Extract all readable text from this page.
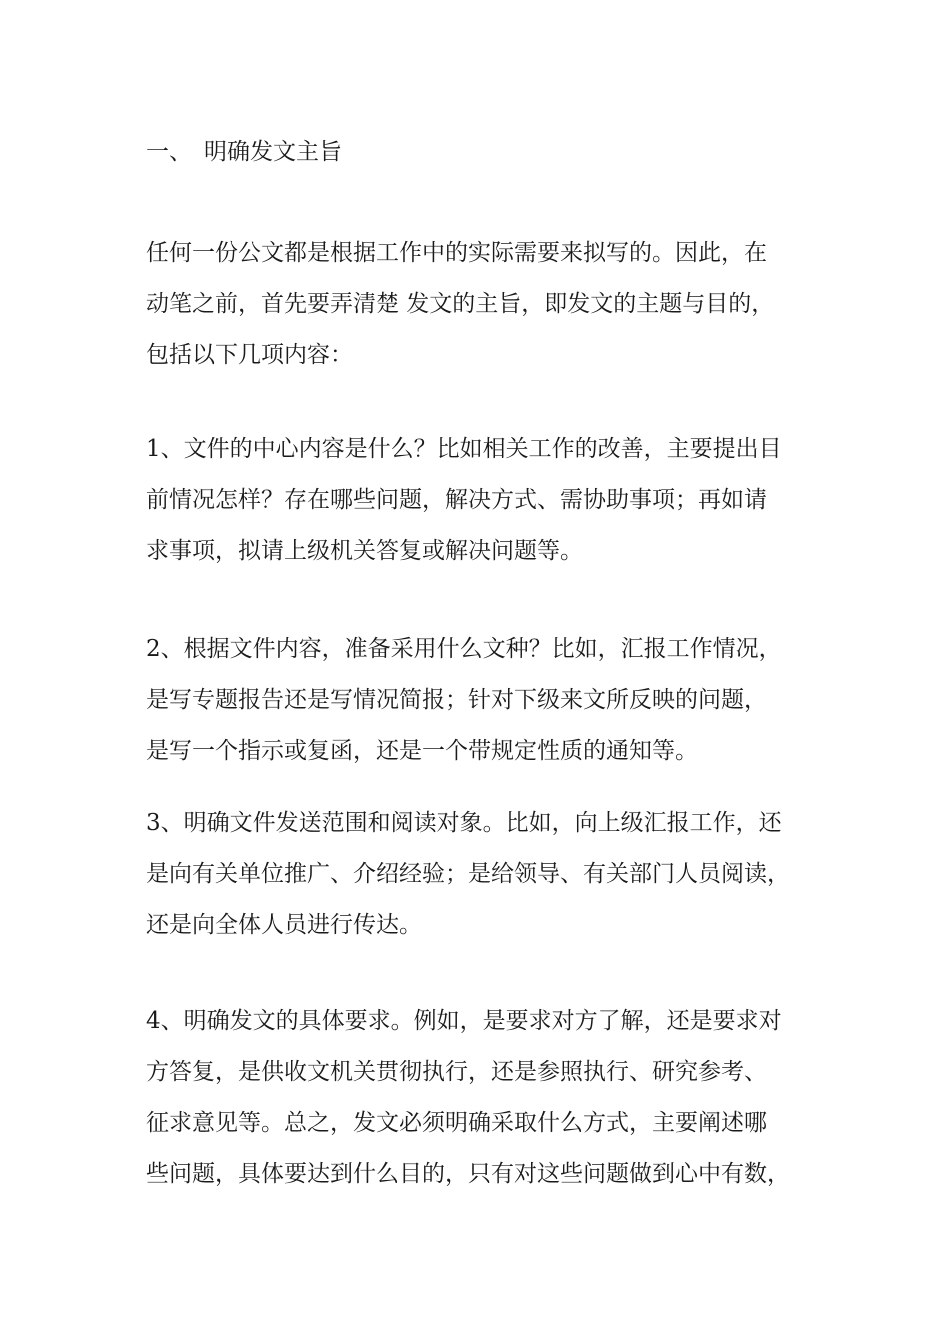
一、 明确发文主旨
任何一份公文都是根据工作中的实际需要来拟写的。因此，在
动笔之前，首先要弄清楚 发文的主旨，即发文的主题与目的，
包括以下几项内容：
1、文件的中心内容是什么？比如相关工作的改善，主要提出目
前情况怎样？存在哪些问题，解决方式、需协助事项；再如请
求事项，拟请上级机关答复或解决问题等。
2、根据文件内容，准备采用什么文种？比如，汇报工作情况，
是写专题报告还是写情况简报；针对下级来文所反映的问题，
是写一个指示或复函，还是一个带规定性质的通知等。
3、明确文件发送范围和阅读对象。比如，向上级汇报工作，还
是向有关单位推广、介绍经验；是给领导、有关部门人员阅读，
还是向全体人员进行传达。
4、明确发文的具体要求。例如，是要求对方了解，还是要求对
方答复，是供收文机关贯彻执行，还是参照执行、研究参考、
征求意见等。总之，发文必须明确采取什么方式，主要阐述哪
些问题，具体要达到什么目的，只有对这些问题做到心中有数，
